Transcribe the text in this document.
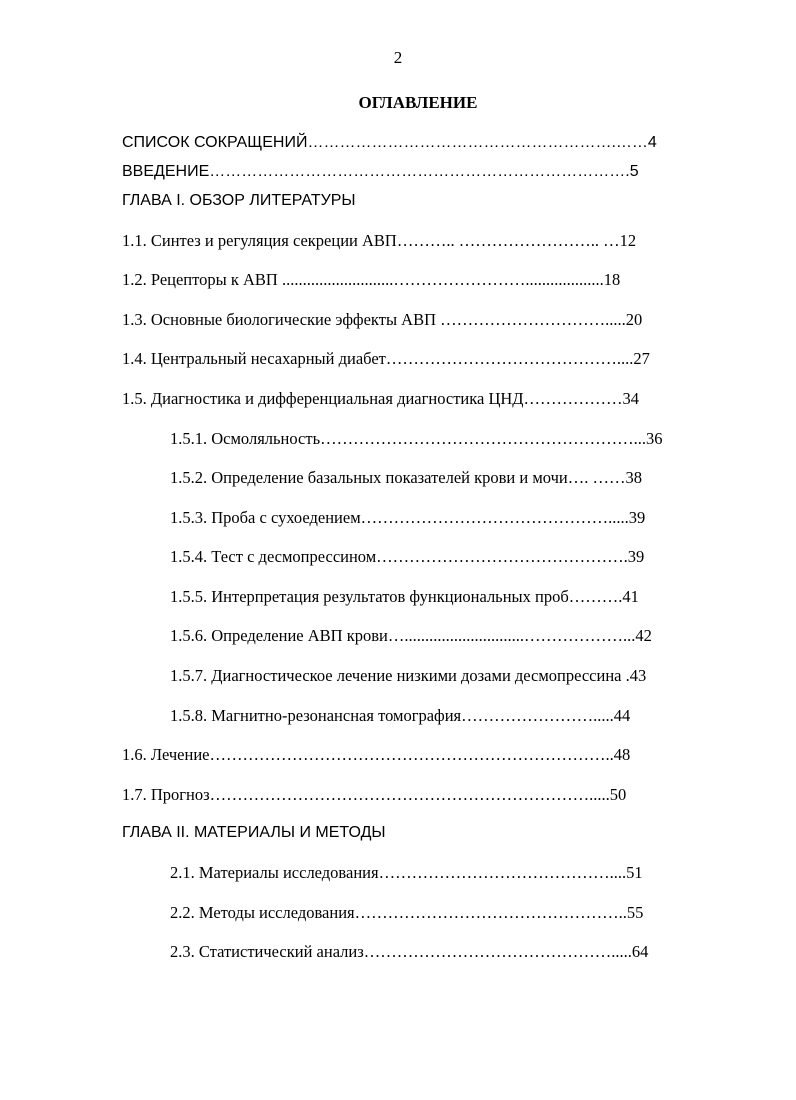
2
ОГЛАВЛЕНИЕ
СПИСОК СОКРАЩЕНИЙ………………………………………………….……4
ВВЕДЕНИЕ…………………………………………………………………….5
ГЛАВА I. ОБЗОР ЛИТЕРАТУРЫ
1.1. Синтез и регуляция секреции АВП……….. …………………….. …12
1.2. Рецепторы к АВП ...........................……………………...................18
1.3. Основные биологические эффекты АВП ………………………….....20
1.4. Центральный несахарный диабет……………………………………....27
1.5. Диагностика и дифференциальная диагностика ЦНД………………34
1.5.1. Осмоляльность…………………………………………………...36
1.5.2. Определение базальных показателей крови и мочи…. ……38
1.5.3. Проба с сухоедением……………………………………….....39
1.5.4. Тест с десмопрессином……………………………………….39
1.5.5. Интерпретация результатов функциональных проб……….41
1.5.6. Определение АВП крови….............................………………...42
1.5.7. Диагностическое лечение низкими дозами десмопрессина .43
1.5.8. Магнитно-резонансная томография…………………….....44
1.6. Лечение………………………………………………………………..48
1.7. Прогноз…………………………………………………………….....50
ГЛАВА II. МАТЕРИАЛЫ И МЕТОДЫ
2.1. Материалы исследования……………………………………....51
2.2. Методы исследования…………………………………………..55
2.3. Статистический анализ……………………………………….....64
